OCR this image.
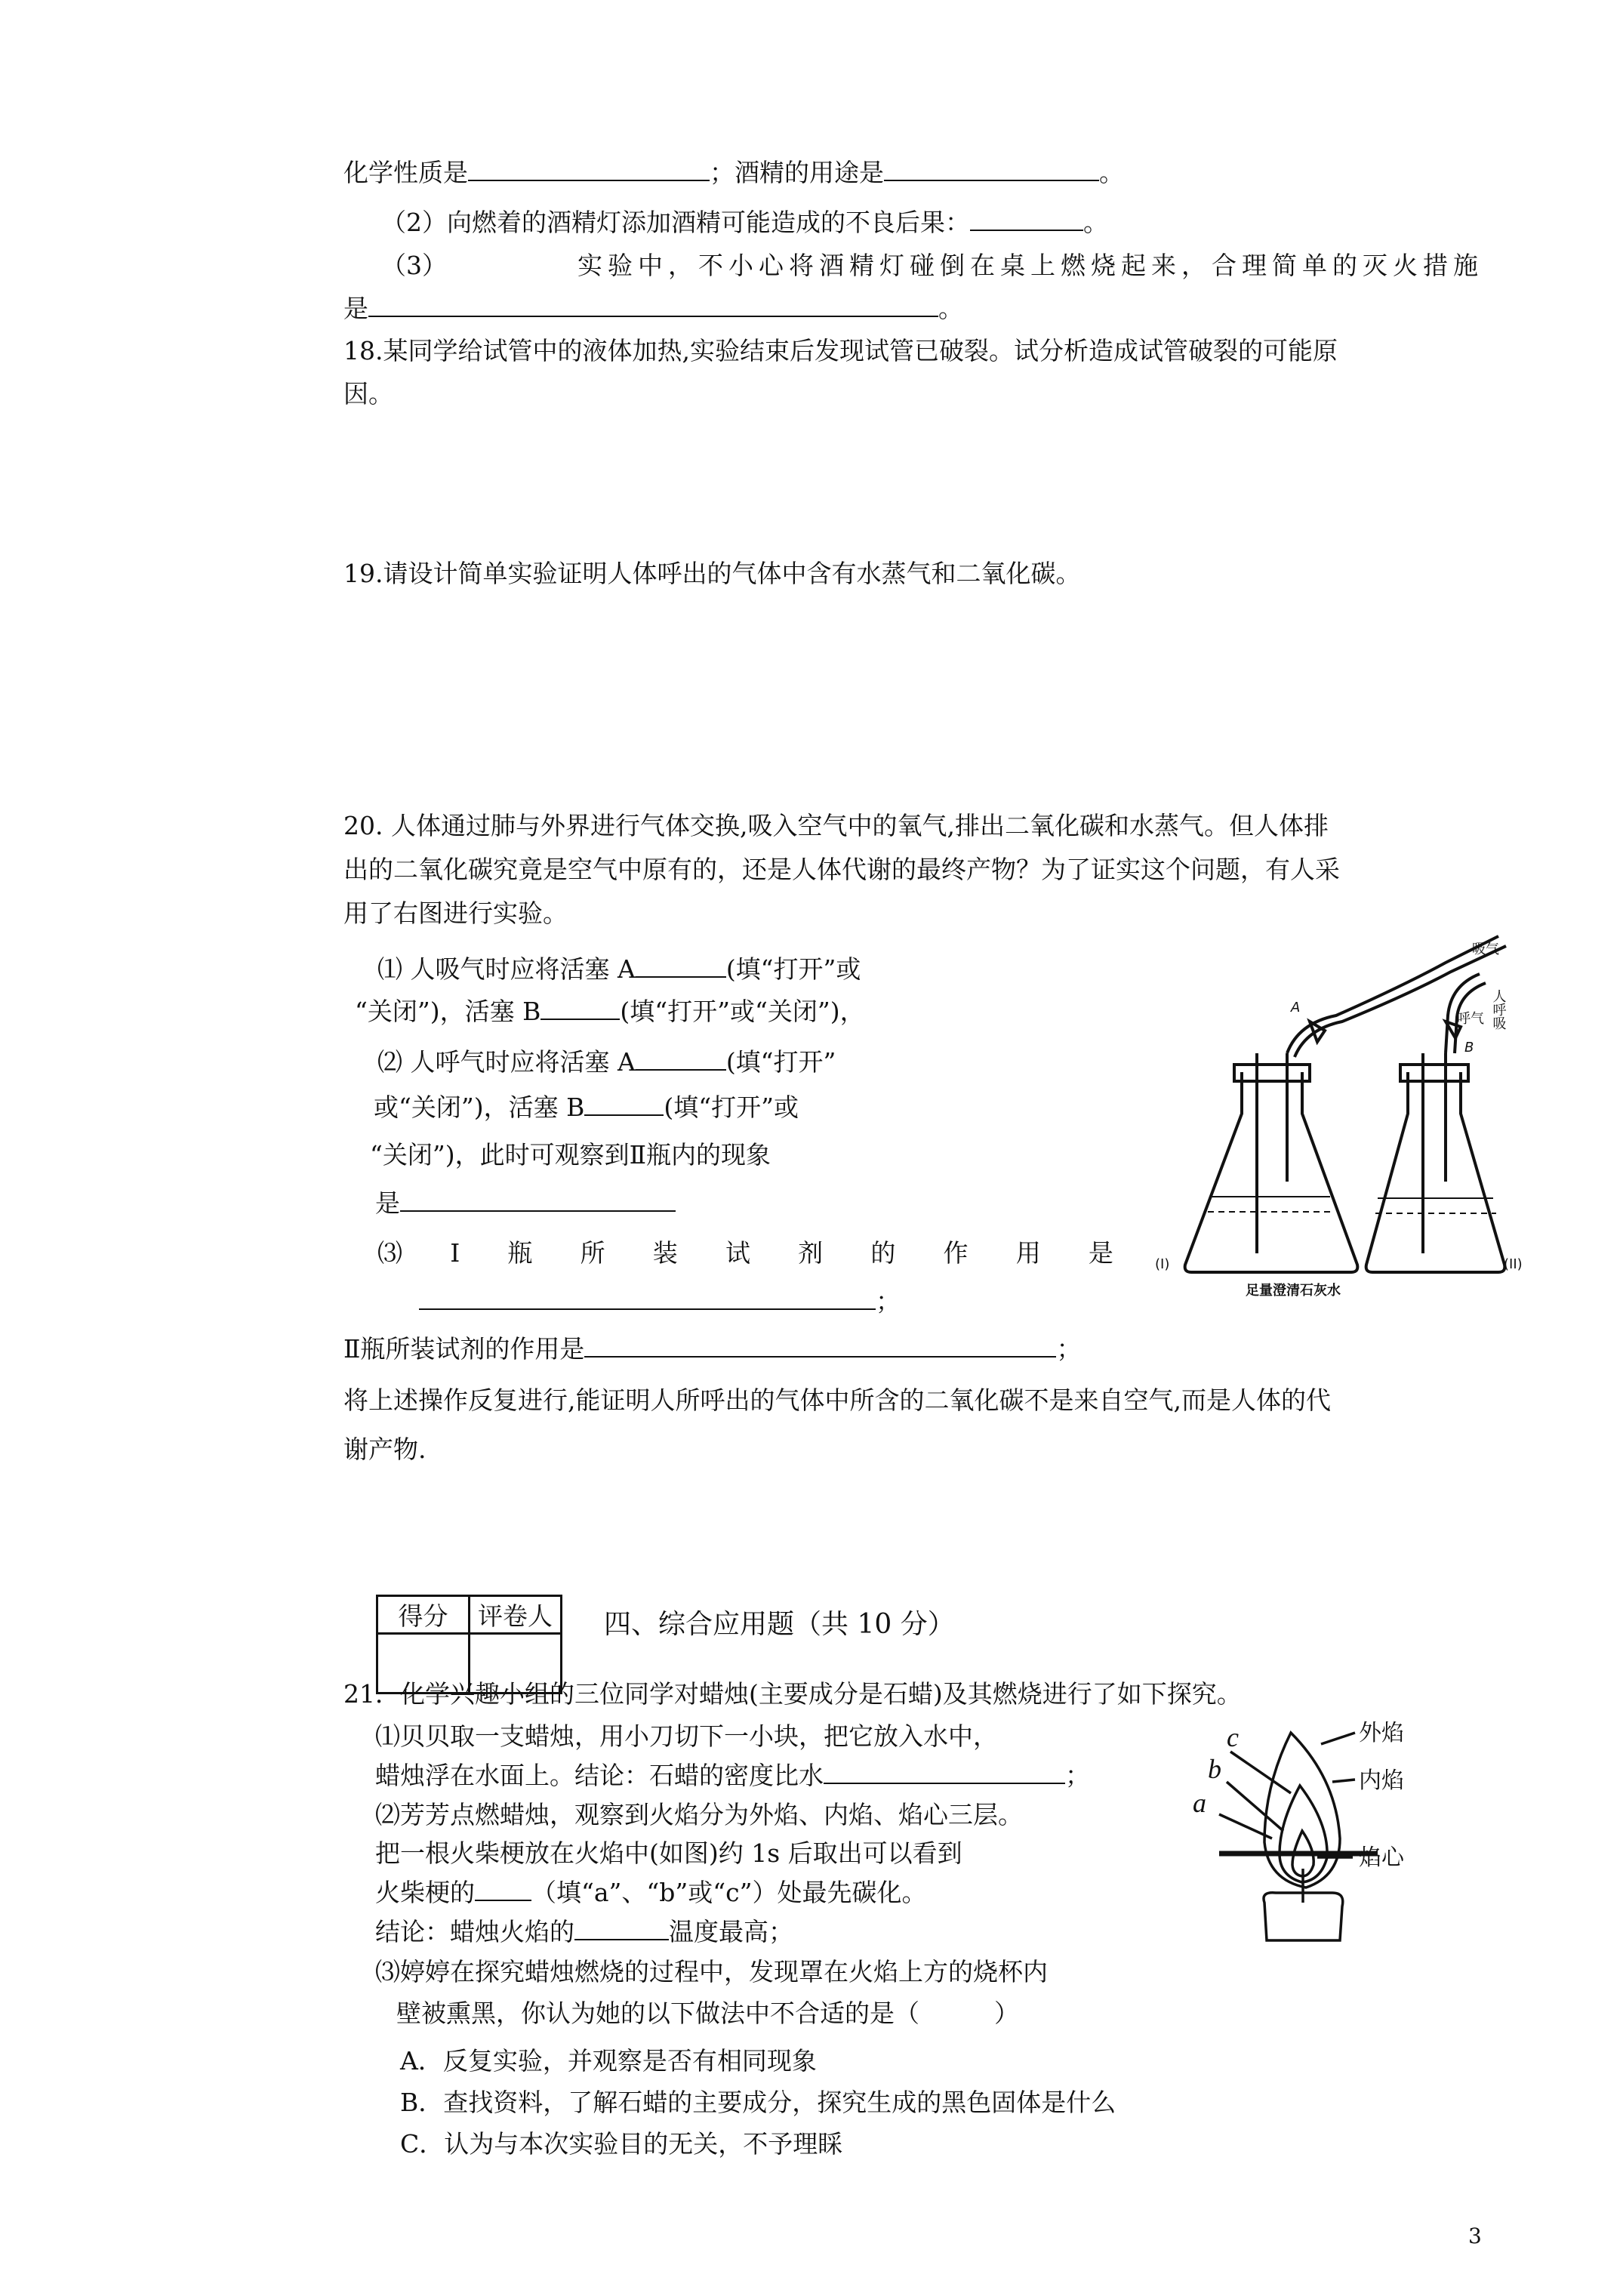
化学性质是	；酒精的用途是	。
（2）向燃着的酒精灯添加酒精可能造成的不良后果：	。
（3）	实验中，不小心将酒精灯碰倒在桌上燃烧起来，合理简单的灭火措施
是	。
18.某同学给试管中的液体加热,实验结束后发现试管已破裂。试分析造成试管破裂的可能原
因。
19.请设计简单实验证明人体呼出的气体中含有水蒸气和二氧化碳。
20. 人体通过肺与外界进行气体交换,吸入空气中的氧气,排出二氧化碳和水蒸气。但人体排
出的二氧化碳究竟是空气中原有的，还是人体代谢的最终产物？为了证实这个问题，有人采
用了右图进行实验。
⑴ 人吸气时应将活塞 A	(填“打开”或
“关闭”)，活塞 B	(填“打开”或“关闭”)，
⑵ 人呼气时应将活塞 A	(填“打开”
或“关闭”)，活塞 B	(填“打开”或
“关闭”)，此时可观察到Ⅱ瓶内的现象
是
⑶ Ⅰ 瓶 所 装 试 剂 的 作 用 是
；
Ⅱ瓶所装试剂的作用是	；
将上述操作反复进行,能证明人所呼出的气体中所含的二氧化碳不是来自空气,而是人体的代
谢产物.
吸气
呼气 人呼吸
A
B
(I)	(II)
足量澄清石灰水
得分	评卷人
	四、综合应用题（共 10 分）
21．化学兴趣小组的三位同学对蜡烛(主要成分是石蜡)及其燃烧进行了如下探究。
⑴贝贝取一支蜡烛，用小刀切下一小块，把它放入水中，
蜡烛浮在水面上。结论：石蜡的密度比水	；
⑵芳芳点燃蜡烛，观察到火焰分为外焰、内焰、焰心三层。
把一根火柴梗放在火焰中(如图)约 1s 后取出可以看到
火柴梗的 （填“a”、“b”或“c”）处最先碳化。
结论：蜡烛火焰的	温度最高；
⑶婷婷在探究蜡烛燃烧的过程中，发现罩在火焰上方的烧杯内
壁被熏黑，你认为她的以下做法中不合适的是（　　　）
A．反复实验，并观察是否有相同现象
B．查找资料，了解石蜡的主要成分，探究生成的黑色固体是什么
C．认为与本次实验目的无关，不予理睬
外焰
内焰
焰心
c
b
a
3
